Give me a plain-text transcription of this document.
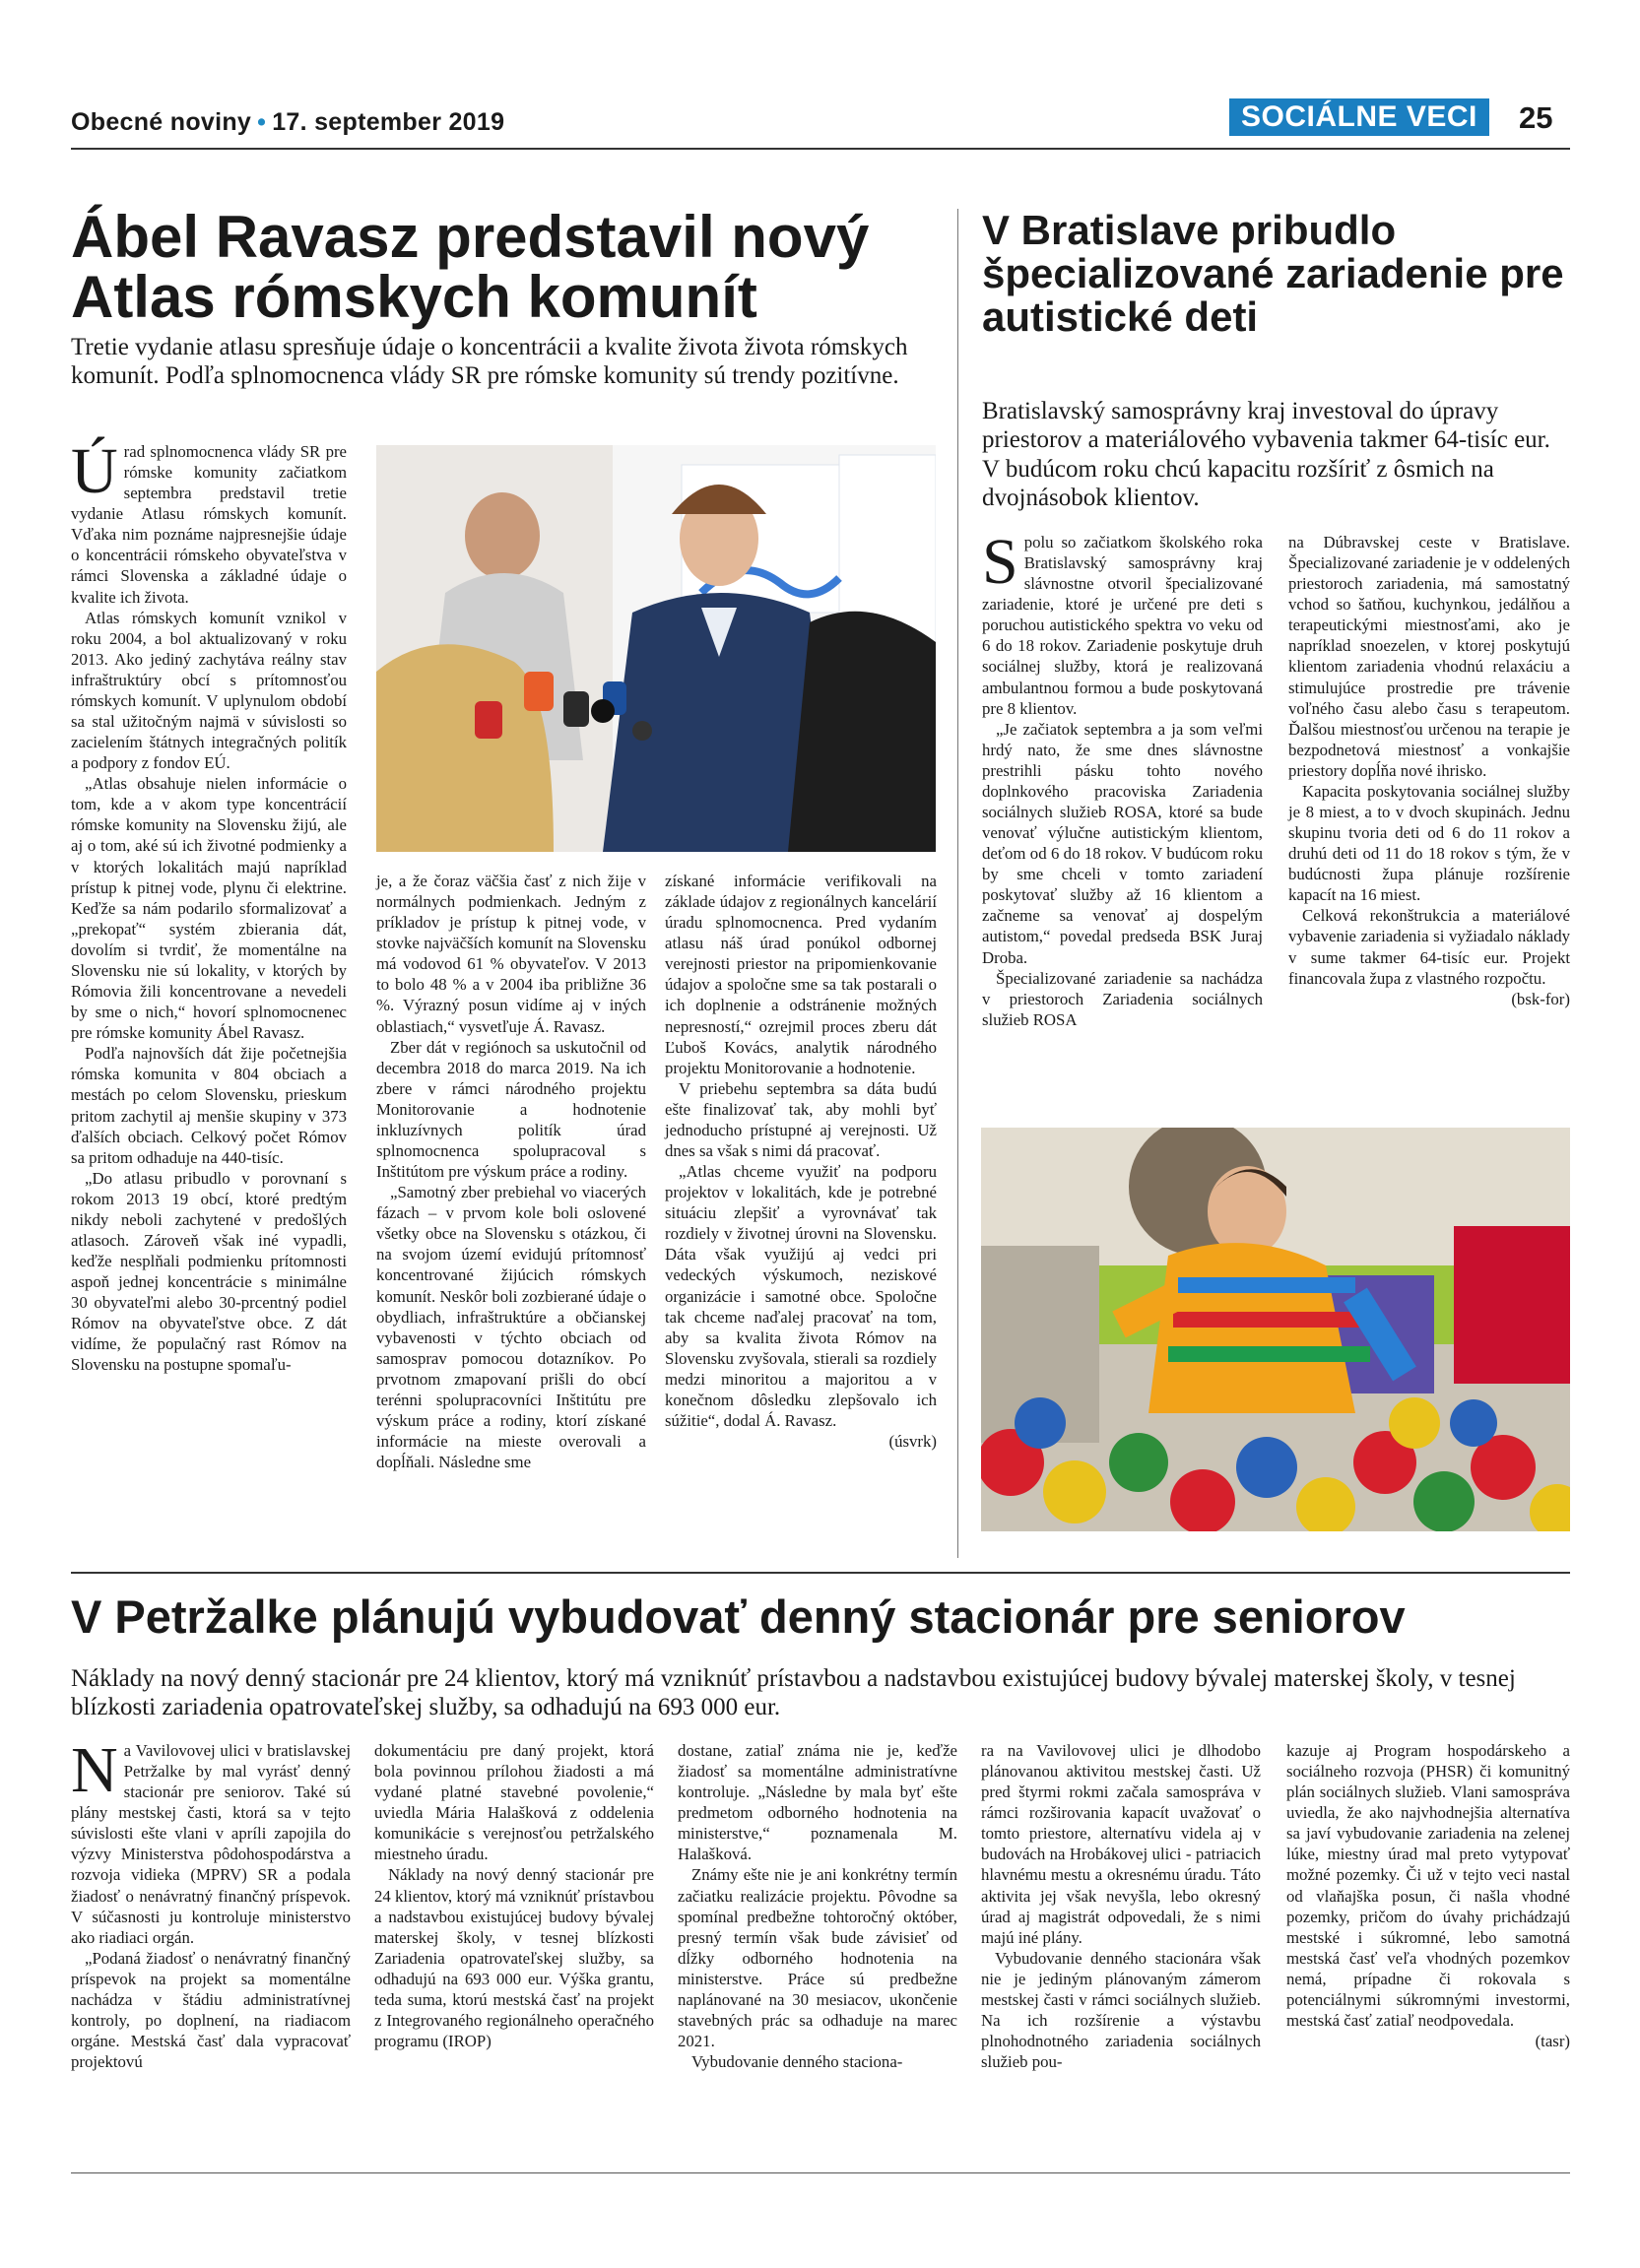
Obecné noviny • 17. september 2019	SOCIÁLNE VECI	25
Ábel Ravasz predstavil nový Atlas rómskych komunít
Tretie vydanie atlasu spresňuje údaje o koncentrácii a kvalite života života rómskych komunít. Podľa splnomocnenca vlády SR pre rómske komunity sú trendy pozitívne.
Ú rad splnomocnenca vlády SR pre rómske komunity začiatkom septembra predstavil tretie vydanie Atlasu rómskych komunít. Vďaka nim poznáme najpresnejšie údaje o koncentrácii rómskeho obyvateľstva v rámci Slovenska a základné údaje o kvalite ich života.

Atlas rómskych komunít vznikol v roku 2004, a bol aktualizovaný v roku 2013. Ako jediný zachytáva reálny stav infraštruktúry obcí s prítomnosťou rómskych komunít. V uplynulom období sa stal užitočným najmä v súvislosti so zacielením štátnych integračných politík a podpory z fondov EÚ.

„Atlas obsahuje nielen informácie o tom, kde a v akom type koncentrácií rómske komunity na Slovensku žijú, ale aj o tom, aké sú ich životné podmienky a v ktorých lokalitách majú napríklad prístup k pitnej vode, plynu či elektrine. Keďže sa nám podarilo sformalizovať a „prekopať“ systém zbierania dát, dovolím si tvrdiť, že momentálne na Slovensku nie sú lokality, v ktorých by Rómovia žili koncentrovane a nevedeli by sme o nich,“ hovorí splnomocnenec pre rómske komunity Ábel Ravasz.

Podľa najnovších dát žije početnejšia rómska komunita v 804 obciach a mestách po celom Slovensku, prieskum pritom zachytil aj menšie skupiny v 373 ďalších obciach. Celkový počet Rómov sa pritom odhaduje na 440-tisíc.

„Do atlasu pribudlo v porovnaní s rokom 2013 19 obcí, ktoré predtým nikdy neboli zachytené v predošlých atlasoch. Zároveň však iné vypadli, keďže nesplňali podmienku prítomnosti aspoň jednej koncentrácie s minimálne 30 obyvateľmi alebo 30-prcentný podiel Rómov na obyvateľstve obce. Z dát vidíme, že populačný rast Rómov na Slovensku na postupne spomaľu-

je, a že čoraz väčšia časť z nich žije v normálnych podmienkach. Jedným z príkladov je prístup k pitnej vode, v stovke najväčších komunít na Slovensku má vodovod 61 % obyvateľov. V 2013 to bolo 48 % a v 2004 iba približne 36 %. Výrazný posun vidíme aj v iných oblastiach,“ vysvetľuje Á. Ravasz.

Zber dát v regiónoch sa uskutočnil od decembra 2018 do marca 2019. Na ich zbere v rámci národného projektu Monitorovanie a hodnotenie inkluzívnych politík úrad splnomocnenca spolupracoval s Inštitútom pre výskum práce a rodiny.

„Samotný zber prebiehal vo viacerých fázach – v prvom kole boli oslovené všetky obce na Slovensku s otázkou, či na svojom území evidujú prítomnosť koncentrované žijúcich rómskych komunít. Neskôr boli zozbierané údaje o obydliach, infraštruktúre a občianskej vybavenosti v týchto obciach od samosprav pomocou dotazníkov. Po prvotnom zmapovaní prišli do obcí terénni spolupracovníci Inštitútu pre výskum práce a rodiny, ktorí získané informácie na mieste overovali a dopĺňali. Následne sme

získané informácie verifikovali na základe údajov z regionálnych kancelárií úradu splnomocnenca. Pred vydaním atlasu náš úrad ponúkol odbornej verejnosti priestor na pripomienkovanie údajov a spoločne sme sa tak postarali o ich doplnenie a odstránenie možných nepresností,“ ozrejmil proces zberu dát Ľuboš Kovács, analytik národného projektu Monitorovanie a hodnotenie.

V priebehu septembra sa dáta budú ešte finalizovať tak, aby mohli byť jednoducho prístupné aj verejnosti. Už dnes sa však s nimi dá pracovať.

„Atlas chceme využiť na podporu projektov v lokalitách, kde je potrebné situáciu zlepšiť a vyrovnávať tak rozdiely v životnej úrovni na Slovensku. Dáta však využijú aj vedci pri vedeckých výskumoch, neziskové organizácie i samotné obce. Spoločne tak chceme naďalej pracovať na tom, aby sa kvalita života Rómov na Slovensku zvyšovala, stierali sa rozdiely medzi minoritou a majoritou a v konečnom dôsledku zlepšovalo ich súžitie“, dodal Á. Ravasz.

(úsvrk)

V Bratislave pribudlo špecializované zariadenie pre autistické deti
Bratislavský samosprávny kraj investoval do úpravy priestorov a materiálového vybavenia takmer 64-tisíc eur. V budúcom roku chcú kapacitu rozšíriť z ôsmich na dvojnásobok klientov.
S polu so začiatkom školského roka Bratislavský samosprávny kraj slávnostne otvoril špecializované zariadenie, ktoré je určené pre deti s poruchou autistického spektra vo veku od 6 do 18 rokov. Zariadenie poskytuje druh sociálnej služby, ktorá je realizovaná ambulantnou formou a bude poskytovaná pre 8 klientov.

„Je začiatok septembra a ja som veľmi hrdý nato, že sme dnes slávnostne prestrihli pásku tohto nového doplnkového pracoviska Zariadenia sociálnych služieb ROSA, ktoré sa bude venovať výlučne autistickým klientom, deťom od 6 do 18 rokov. V budúcom roku by sme chceli v tomto zariadení poskytovať služby až 16 klientom a začneme sa venovať aj dospelým autistom,“ povedal predseda BSK Juraj Droba.

Špecializované zariadenie sa nachádza v priestoroch Zariadenia sociálnych služieb ROSA

na Dúbravskej ceste v Bratislave. Špecializované zariadenie je v oddelených priestoroch zariadenia, má samostatný vchod so šatňou, kuchynkou, jedálňou a terapeutickými miestnosťami, ako je napríklad snoezelen, v ktorej poskytujú klientom zariadenia vhodnú relaxáciu a stimulujúce prostredie pre trávenie voľného času alebo času s terapeutom. Ďalšou miestnosťou určenou na terapie je bezpodnetová miestnosť a vonkajšie priestory dopĺňa nové ihrisko.

Kapacita poskytovania sociálnej služby je 8 miest, a to v dvoch skupinách. Jednu skupinu tvoria deti od 6 do 11 rokov a druhú deti od 11 do 18 rokov s tým, že v budúcnosti župa plánuje rozšírenie kapacít na 16 miest.

Celková rekonštrukcia a materiálové vybavenie zariadenia si vyžiadalo náklady v sume takmer 64-tisíc eur. Projekt financovala župa z vlastného rozpočtu.

(bsk-for)

V Petržalke plánujú vybudovať denný stacionár pre seniorov
Náklady na nový denný stacionár pre 24 klientov, ktorý má vzniknúť prístavbou a nadstavbou existujúcej budovy bývalej materskej školy, v tesnej blízkosti zariadenia opatrovateľskej služby, sa odhadujú na 693 000 eur.
N a Vavilovovej ulici v bratislavskej Petržalke by mal vyrásť denný stacionár pre seniorov. Také sú plány mestskej časti, ktorá sa v tejto súvislosti ešte vlani v apríli zapojila do výzvy Ministerstva pôdohospodárstva a rozvoja vidieka (MPRV) SR a podala žiadosť o nenávratný finančný príspevok. V súčasnosti ju kontroluje ministerstvo ako riadiaci orgán.

„Podaná žiadosť o nenávratný finančný príspevok na projekt sa momentálne nachádza v štádiu administratívnej kontroly, po doplnení, na riadiacom orgáne. Mestská časť dala vypracovať projektovú

dokumentáciu pre daný projekt, ktorá bola povinnou prílohou žiadosti a má vydané platné stavebné povolenie,“ uviedla Mária Halašková z oddelenia komunikácie s verejnosťou petržalského miestneho úradu.

Náklady na nový denný stacionár pre 24 klientov, ktorý má vzniknúť prístavbou a nadstavbou existujúcej budovy bývalej materskej školy, v tesnej blízkosti Zariadenia opatrovateľskej služby, sa odhadujú na 693 000 eur. Výška grantu, teda suma, ktorú mestská časť na projekt z Integrovaného regionálneho operačného programu (IROP)

dostane, zatiaľ známa nie je, keďže žiadosť sa momentálne administratívne kontroluje. „Následne by mala byť ešte predmetom odborného hodnotenia na ministerstve,“ poznamenala M. Halašková.

Známy ešte nie je ani konkrétny termín začiatku realizácie projektu. Pôvodne sa spomínal predbežne tohtoročný október, presný termín však bude závisieť od dĺžky odborného hodnotenia na ministerstve. Práce sú predbežne naplánované na 30 mesiacov, ukončenie stavebných prác sa odhaduje na marec 2021.

Vybudovanie denného staciona-

ra na Vavilovovej ulici je dlhodobo plánovanou aktivitou mestskej časti. Už pred štyrmi rokmi začala samospráva v rámci rozširovania kapacít uvažovať o tomto priestore, alternatívu videla aj v budovách na Hrobákovej ulici - patriacich hlavnému mestu a okresnému úradu. Táto aktivita jej však nevyšla, lebo okresný úrad aj magistrát odpovedali, že s nimi majú iné plány.

Vybudovanie denného stacionára však nie je jediným plánovaným zámerom mestskej časti v rámci sociálnych služieb. Na ich rozšírenie a výstavbu plnohodnotného zariadenia sociálnych služieb pou-

kazuje aj Program hospodárskeho a sociálneho rozvoja (PHSR) či komunitný plán sociálnych služieb. Vlani samospráva uviedla, že ako najvhodnejšia alternatíva sa javí vybudovanie zariadenia na zelenej lúke, miestny úrad mal preto vytypovať možné pozemky. Či už v tejto veci nastal od vlaňajška posun, či našla vhodné pozemky, pričom do úvahy prichádzajú mestské i súkromné, lebo samotná mestská časť veľa vhodných pozemkov nemá, prípadne či rokovala s potenciálnymi súkromnými investormi, mestská časť zatiaľ neodpovedala.

(tasr)
